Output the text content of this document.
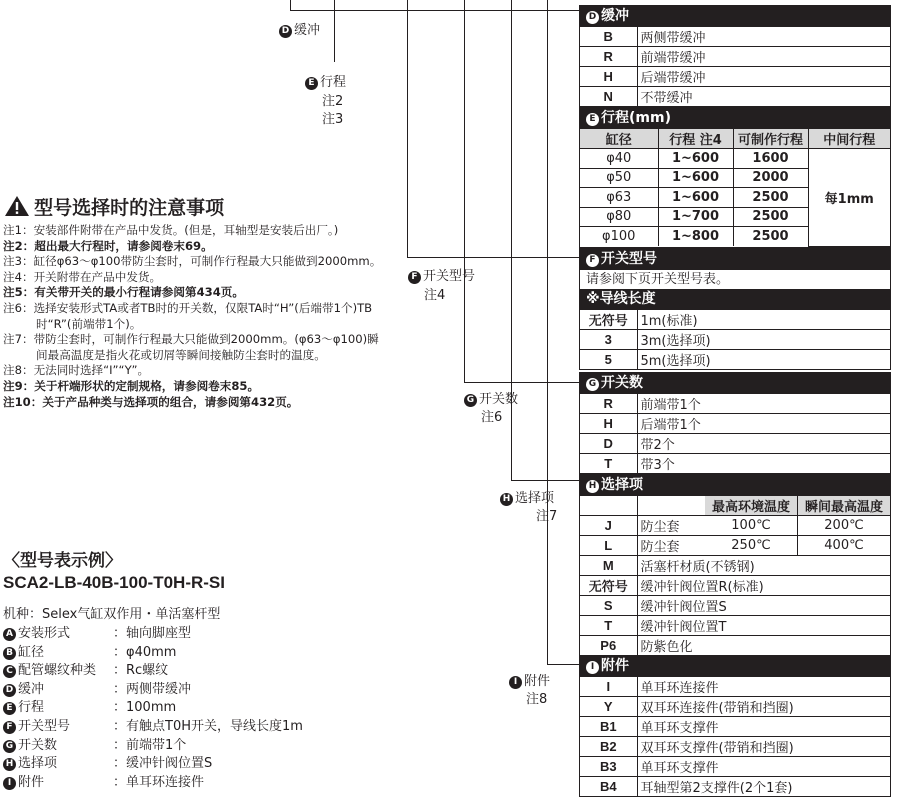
D 缓冲
E 行程
注2
注3
F 开关型号
注4
G 开关数
注6
H 选择项
注7
I 附件
注8
D 缓冲
B	两侧带缓冲
R	前端带缓冲
H	后端带缓冲
N	不带缓冲
E 行程(mm)
缸径	行程 注4	可制作行程	中间行程
φ40	1~600	1600	每1mm
φ50	1~600	2000	
φ63	1~600	2500	
φ80	1~700	2500	
φ100	1~800	2500	
F 开关型号
请参阅下页开关型号表。
※导线长度
无符号	1m(标准)
3	3m(选择项)
5	5m(选择项)
G 开关数
R	前端带1个
H	后端带1个
D	带2个
T	带3个
H 选择项
		最高环境温度	瞬间最高温度
J	防尘套	100℃	200℃
L	防尘套	250℃	400℃
M	活塞杆材质(不锈钢)		
无符号	缓冲针阀位置R(标准)		
S	缓冲针阀位置S		
T	缓冲针阀位置T		
P6	防紫色化		
I 附件
I	单耳环连接件
Y	双耳环连接件(带销和挡圈)
B1	单耳环支撑件
B2	双耳环支撑件(带销和挡圈)
B3	单耳环支撑件
B4	耳轴型第2支撑件(2个1套)
型号选择时的注意事项
注1：安装部件附带在产品中发货。(但是，耳轴型是安装后出厂。)
注2：超出最大行程时，请参阅卷末69。
注3：缸径φ63～φ100带防尘套时，可制作行程最大只能做到2000mm。
注4：开关附带在产品中发货。
注5：有关带开关的最小行程请参阅第434页。
注6：选择安装形式TA或者TB时的开关数，仅限TA时“H”(后端带1个)TB时“R”(前端带1个)。
注7：带防尘套时，可制作行程最大只能做到2000mm。(φ63～φ100)瞬间最高温度是指火花或切屑等瞬间接触防尘套时的温度。
注8：无法同时选择“I”“Y”。
注9：关于杆端形状的定制规格，请参阅卷末85。
注10：关于产品种类与选择项的组合，请参阅第432页。
〈型号表示例〉
SCA2-LB-40B-100-T0H-R-SI
机种：Selex气缸双作用・单活塞杆型
A 安装形式	：轴向脚座型
B 缸径	：φ40mm
C 配管螺纹种类 ：Rc螺纹
D 缓冲	：两侧带缓冲
E 行程	：100mm
F 开关型号	：有触点T0H开关，导线长度1m
G 开关数	：前端带1个
H 选择项	：缓冲针阀位置S
I 附件	：单耳环连接件
